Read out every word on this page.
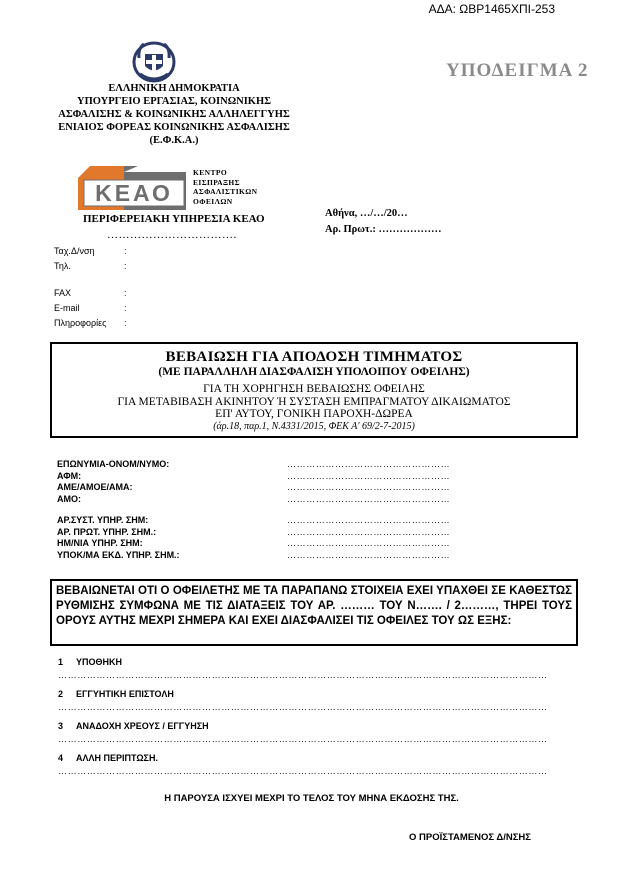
ΑΔΑ: ΩΒΡ1465ΧΠΙ-253
ΥΠΟΔΕΙΓΜΑ 2
ΕΛΛΗΝΙΚΗ ΔΗΜΟΚΡΑΤΙΑ
ΥΠΟΥΡΓΕΙΟ ΕΡΓΑΣΙΑΣ, ΚΟΙΝΩΝΙΚΗΣ
ΑΣΦΑΛΙΣΗΣ & ΚΟΙΝΩΝΙΚΗΣ ΑΛΛΗΛΕΓΓΥΗΣ
ΕΝΙΑΙΟΣ ΦΟΡΕΑΣ ΚΟΙΝΩΝΙΚΗΣ ΑΣΦΑΛΙΣΗΣ
(Ε.Φ.Κ.Α.)
ΚΕΑΟ
ΚΕΝΤΡΟ
ΕΙΣΠΡΑΞΗΣ
ΑΣΦΑΛΙΣΤΙΚΩΝ
ΟΦΕΙΛΩΝ
ΠΕΡΙΦΕΡΕΙΑΚΗ ΥΠΗΡΕΣΙΑ ΚΕΑΟ
…………………………….
Αθήνα, …/…/20…
Αρ. Πρωτ.: ………………
Ταχ.Δ/νση	:
Τηλ.	:
FAX	:
E-mail	:
Πληροφορίες	:
ΒΕΒΑΙΩΣΗ ΓΙΑ ΑΠΟΔΟΣΗ ΤΙΜΗΜΑΤΟΣ
(ΜΕ ΠΑΡΑΛΛΗΛΗ ΔΙΑΣΦΑΛΙΣΗ ΥΠΟΛΟΙΠΟΥ ΟΦΕΙΛΗΣ)
ΓΙΑ ΤΗ ΧΟΡΗΓΗΣΗ ΒΕΒΑΙΩΣΗΣ ΟΦΕΙΛΗΣ
ΓΙΑ ΜΕΤΑΒΙΒΑΣΗ ΑΚΙΝΗΤΟΥ Ή ΣΥΣΤΑΣΗ ΕΜΠΡΑΓΜΑΤΟΥ ΔΙΚΑΙΩΜΑΤΟΣ
ΕΠ' ΑΥΤΟΥ, ΓΟΝΙΚΗ ΠΑΡΟΧΗ-ΔΩΡΕΑ
(άρ.18, παρ.1, Ν.4331/2015, ΦΕΚ Α' 69/2-7-2015)
ΕΠΩΝΥΜΙΑ-ΟΝΟΜ/ΝΥΜΟ:	……………………………………………
ΑΦΜ:	……………………………………………
ΑΜΕ/ΑΜΟΕ/ΑΜΑ:	……………………………………………
ΑΜΟ:	……………………………………………
ΑΡ.ΣΥΣΤ. ΥΠΗΡ. ΣΗΜ:	……………………………………………
ΑΡ. ΠΡΩΤ. ΥΠΗΡ. ΣΗΜ.:	……………………………………………
ΗΜ/ΝΙΑ ΥΠΗΡ. ΣΗΜ:	……………………………………………
ΥΠΟΚ/ΜΑ ΕΚΔ. ΥΠΗΡ. ΣΗΜ.:	……………………………………………
ΒΕΒΑΙΩΝΕΤΑΙ ΟΤΙ Ο ΟΦΕΙΛΕΤΗΣ ΜΕ ΤΑ ΠΑΡΑΠΑΝΩ ΣΤΟΙΧΕΙΑ ΕΧΕΙ ΥΠΑΧΘΕΙ ΣΕ ΚΑΘΕΣΤΩΣ ΡΥΘΜΙΣΗΣ ΣΥΜΦΩΝΑ ΜΕ ΤΙΣ ΔΙΑΤΑΞΕΙΣ ΤΟΥ ΑΡ. ……… ΤΟΥ Ν……. / 2………, ΤΗΡΕΙ ΤΟΥΣ ΟΡΟΥΣ ΑΥΤΗΣ ΜΕΧΡΙ ΣΗΜΕΡΑ ΚΑΙ ΕΧΕΙ ΔΙΑΣΦΑΛΙΣΕΙ ΤΙΣ ΟΦΕΙΛΕΣ ΤΟΥ ΩΣ ΕΞΗΣ:
1	ΥΠΟΘΗΚΗ
………………………………………………………………………………………………………………………………………
2	ΕΓΓΥΗΤΙΚΗ ΕΠΙΣΤΟΛΗ
………………………………………………………………………………………………………………………………………
3	ΑΝΑΔΟΧΗ ΧΡΕΟΥΣ / ΕΓΓΥΗΣΗ
………………………………………………………………………………………………………………………………………
4	ΑΛΛΗ ΠΕΡΙΠΤΩΣΗ.
………………………………………………………………………………………………………………………………………
Η ΠΑΡΟΥΣΑ ΙΣΧΥΕΙ ΜΕΧΡΙ ΤΟ ΤΕΛΟΣ ΤΟΥ ΜΗΝΑ ΕΚΔΟΣΗΣ ΤΗΣ.
Ο ΠΡΟΪΣΤΑΜΕΝΟΣ Δ/ΝΣΗΣ
